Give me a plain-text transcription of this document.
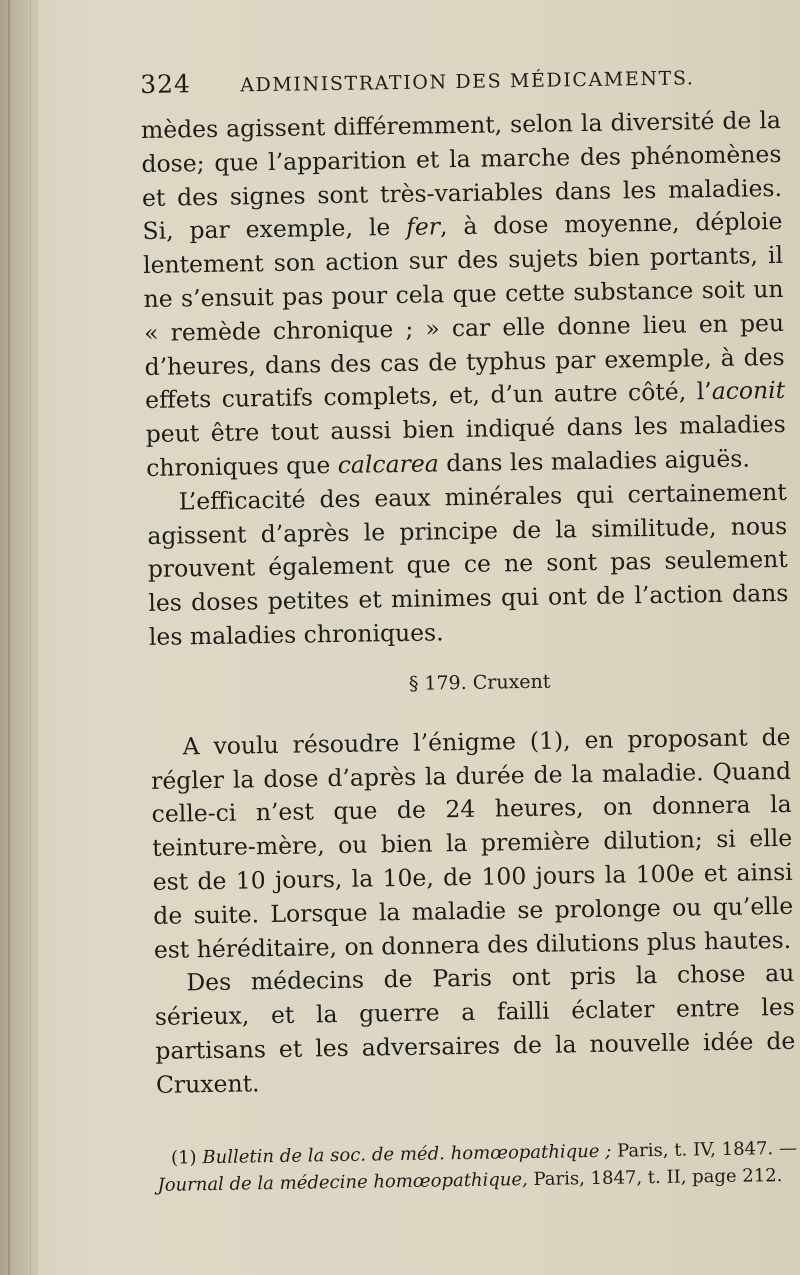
324	ADMINISTRATION DES MÉDICAMENTS.

mèdes agissent différemment, selon la diversité de la dose; que l’apparition et la marche des phénomènes et des signes sont très-variables dans les maladies. Si, par exemple, le fer, à dose moyenne, déploie lentement son action sur des sujets bien portants, il ne s’ensuit pas pour cela que cette substance soit un « remède chronique ; » car elle donne lieu en peu d’heures, dans des cas de typhus par exemple, à des effets curatifs complets, et, d’un autre côté, l’aconit peut être tout aussi bien indiqué dans les maladies chroniques que calcarea dans les maladies aiguës.

L’efficacité des eaux minérales qui certainement agissent d’après le principe de la similitude, nous prouvent également que ce ne sont pas seulement les doses petites et minimes qui ont de l’action dans les maladies chroniques.

§ 179. Cruxent

A voulu résoudre l’énigme (1), en proposant de régler la dose d’après la durée de la maladie. Quand celle-ci n’est que de 24 heures, on donnera la teinture-mère, ou bien la première dilution; si elle est de 10 jours, la 10e, de 100 jours la 100e et ainsi de suite. Lorsque la maladie se prolonge ou qu’elle est héréditaire, on donnera des dilutions plus hautes.

Des médecins de Paris ont pris la chose au sérieux, et la guerre a failli éclater entre les partisans et les adversaires de la nouvelle idée de Cruxent.

(1) Bulletin de la soc. de méd. homœopathique ; Paris, t. IV, 1847. — Journal de la médecine homœopathique, Paris, 1847, t. II, page 212.
